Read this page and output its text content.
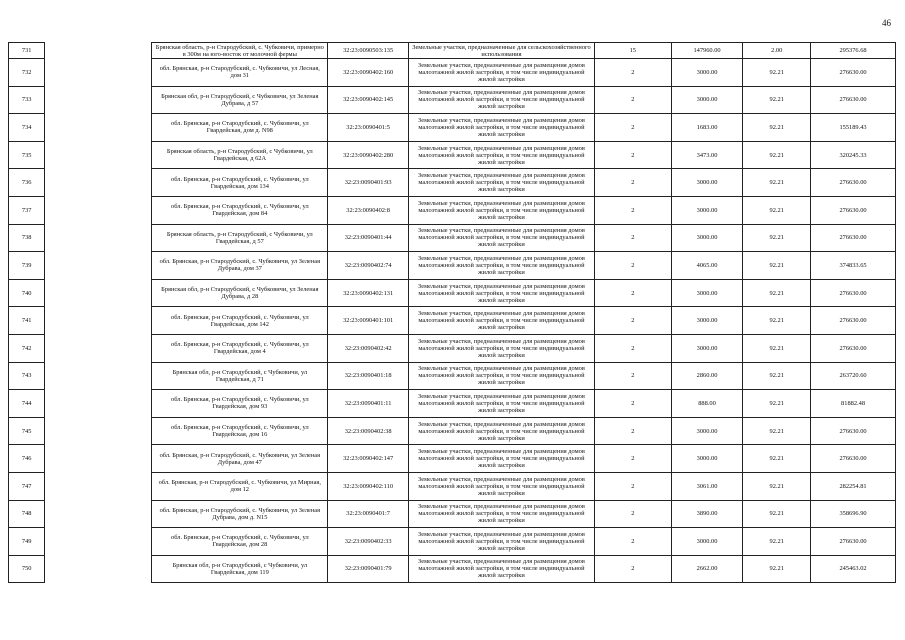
46
731		Брянская область, р-н Стародубский, с. Чубковичи, примерно в 300м на юго-восток от молочной фермы	32:23:0090503:135	Земельные участки, предназначенные для сельскохозяйственного использования	15	147960.00	2.00	295376.68
732		обл. Брянская, р-н Стародубский, с. Чубковичи, ул Лесная, дом 31	32:23:0090402:160	Земельные участки, предназначенные для размещения домов малоэтажной жилой застройки, в том числе индивидуальной жилой застройки	2	3000.00	92.21	276630.00
733		Брянская обл, р-н Стародубский, с Чубковичи, ул Зеленая Дубрава, д 57	32:23:0090402:145	Земельные участки, предназначенные для размещения домов малоэтажной жилой застройки, в том числе индивидуальной жилой застройки	2	3000.00	92.21	276630.00
734		обл. Брянская, р-н Стародубский, с. Чубковичи, ул Гвардейская, дом д. N98	32:23:0090401:5	Земельные участки, предназначенные для размещения домов малоэтажной жилой застройки, в том числе индивидуальной жилой застройки	2	1683.00	92.21	155189.43
735		Брянская область, р-н Стародубский, с Чубковичи, ул Гвардейская, д 62А	32:23:0090402:280	Земельные участки, предназначенные для размещения домов малоэтажной жилой застройки, в том числе индивидуальной жилой застройки	2	3473.00	92.21	320245.33
736		обл. Брянская, р-н Стародубский, с. Чубковичи, ул Гвардейская, дом 134	32:23:0090401:93	Земельные участки, предназначенные для размещения домов малоэтажной жилой застройки, в том числе индивидуальной жилой застройки	2	3000.00	92.21	276630.00
737		обл. Брянская, р-н Стародубский, с. Чубковичи, ул Гвардейская, дом 84	32:23:0090402:8	Земельные участки, предназначенные для размещения домов малоэтажной жилой застройки, в том числе индивидуальной жилой застройки	2	3000.00	92.21	276630.00
738		Брянская область, р-н Стародубский, с Чубковичи, ул Гвардейская, д 57	32:23:0090401:44	Земельные участки, предназначенные для размещения домов малоэтажной жилой застройки, в том числе индивидуальной жилой застройки	2	3000.00	92.21	276630.00
739		обл. Брянская, р-н Стародубский, с. Чубковичи, ул Зеленая Дубрава, дом 37	32:23:0090402:74	Земельные участки, предназначенные для размещения домов малоэтажной жилой застройки, в том числе индивидуальной жилой застройки	2	4065.00	92.21	374833.65
740		Брянская обл, р-н Стародубский, с Чубковичи, ул Зеленая Дубрава, д 28	32:23:0090402:131	Земельные участки, предназначенные для размещения домов малоэтажной жилой застройки, в том числе индивидуальной жилой застройки	2	3000.00	92.21	276630.00
741		обл. Брянская, р-н Стародубский, с. Чубковичи, ул Гвардейская, дом 142	32:23:0090401:101	Земельные участки, предназначенные для размещения домов малоэтажной жилой застройки, в том числе индивидуальной жилой застройки	2	3000.00	92.21	276630.00
742		обл. Брянская, р-н Стародубский, с. Чубковичи, ул Гвардейская, дом 4	32:23:0090402:42	Земельные участки, предназначенные для размещения домов малоэтажной жилой застройки, в том числе индивидуальной жилой застройки	2	3000.00	92.21	276630.00
743		Брянская обл, р-н Стародубский, с Чубковичи, ул Гвардейская, д 71	32:23:0090401:18	Земельные участки, предназначенные для размещения домов малоэтажной жилой застройки, в том числе индивидуальной жилой застройки	2	2860.00	92.21	263720.60
744		обл. Брянская, р-н Стародубский, с. Чубковичи, ул Гвардейская, дом 93	32:23:0090401:11	Земельные участки, предназначенные для размещения домов малоэтажной жилой застройки, в том числе индивидуальной жилой застройки	2	888.00	92.21	81882.48
745		обл. Брянская, р-н Стародубский, с. Чубковичи, ул Гвардейская, дом 16	32:23:0090402:38	Земельные участки, предназначенные для размещения домов малоэтажной жилой застройки, в том числе индивидуальной жилой застройки	2	3000.00	92.21	276630.00
746		обл. Брянская, р-н Стародубский, с. Чубковичи, ул Зеленая Дубрава, дом 47	32:23:0090402:147	Земельные участки, предназначенные для размещения домов малоэтажной жилой застройки, в том числе индивидуальной жилой застройки	2	3000.00	92.21	276630.00
747		обл. Брянская, р-н Стародубский, с. Чубковичи, ул Мирная, дом 12	32:23:0090402:110	Земельные участки, предназначенные для размещения домов малоэтажной жилой застройки, в том числе индивидуальной жилой застройки	2	3061.00	92.21	282254.81
748		обл. Брянская, р-н Стародубский, с. Чубковичи, ул Зеленая Дубрава, дом д. N15	32:23:0090401:7	Земельные участки, предназначенные для размещения домов малоэтажной жилой застройки, в том числе индивидуальной жилой застройки	2	3890.00	92.21	358696.90
749		обл. Брянская, р-н Стародубский, с. Чубковичи, ул Гвардейская, дом 28	32:23:0090402:33	Земельные участки, предназначенные для размещения домов малоэтажной жилой застройки, в том числе индивидуальной жилой застройки	2	3000.00	92.21	276630.00
750		Брянская обл, р-н Стародубский, с Чубковичи, ул Гвардейская, дом 119	32:23:0090401:79	Земельные участки, предназначенные для размещения домов малоэтажной жилой застройки, в том числе индивидуальной жилой застройки	2	2662.00	92.21	245463.02
